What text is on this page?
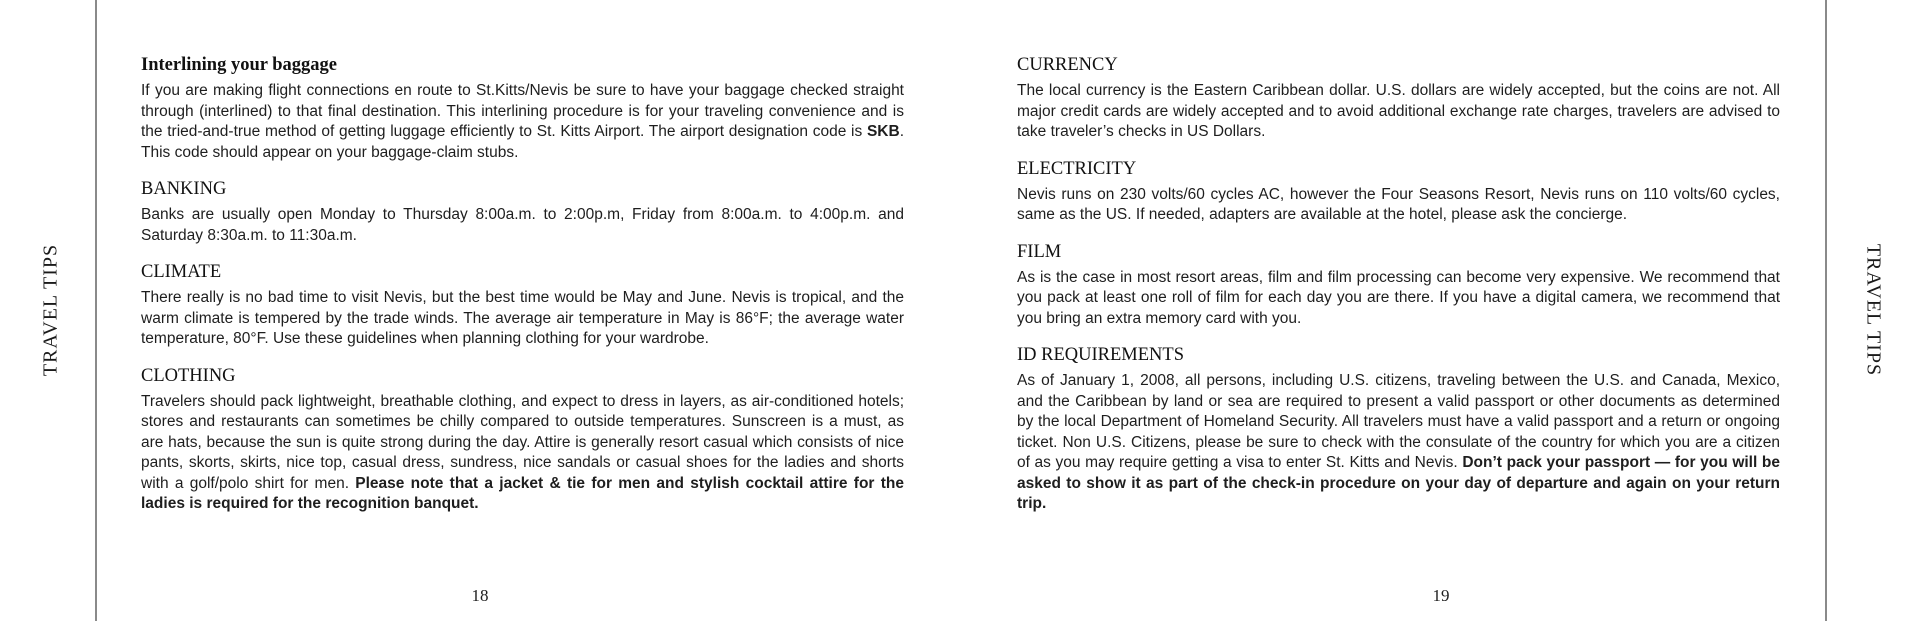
TRAVEL TIPS	TRAVEL TIPS
Interlining your baggage

If you are making flight connections en route to St.Kitts/Nevis be sure to have your baggage checked straight through (interlined) to that final destination. This interlining procedure is for your traveling convenience and is the tried-and-true method of getting luggage efficiently to St. Kitts Airport. The airport designation code is SKB. This code should appear on your baggage-claim stubs.

BANKING

Banks are usually open Monday to Thursday 8:00a.m. to 2:00p.m, Friday from 8:00a.m. to 4:00p.m. and Saturday 8:30a.m. to 11:30a.m.

CLIMATE

There really is no bad time to visit Nevis, but the best time would be May and June. Nevis is tropical, and the warm climate is tempered by the trade winds. The average air temperature in May is 86°F; the average water temperature, 80°F. Use these guidelines when planning clothing for your wardrobe.

CLOTHING

Travelers should pack lightweight, breathable clothing, and expect to dress in layers, as air-conditioned hotels; stores and restaurants can sometimes be chilly compared to outside temperatures. Sunscreen is a must, as are hats, because the sun is quite strong during the day. Attire is generally resort casual which consists of nice pants, skorts, skirts, nice top, casual dress, sundress, nice sandals or casual shoes for the ladies and shorts with a golf/polo shirt for men. Please note that a jacket & tie for men and stylish cocktail attire for the ladies is required for the recognition banquet.

CURRENCY

The local currency is the Eastern Caribbean dollar. U.S. dollars are widely accepted, but the coins are not. All major credit cards are widely accepted and to avoid additional exchange rate charges, travelers are advised to take traveler’s checks in US Dollars.

ELECTRICITY

Nevis runs on 230 volts/60 cycles AC, however the Four Seasons Resort, Nevis runs on 110 volts/60 cycles, same as the US. If needed, adapters are available at the hotel, please ask the concierge.

FILM

As is the case in most resort areas, film and film processing can become very expensive. We recommend that you pack at least one roll of film for each day you are there. If you have a digital camera, we recommend that you bring an extra memory card with you.

ID REQUIREMENTS

As of January 1, 2008, all persons, including U.S. citizens, traveling between the U.S. and Canada, Mexico, and the Caribbean by land or sea are required to present a valid passport or other documents as determined by the local Department of Homeland Security. All travelers must have a valid passport and a return or ongoing ticket. Non U.S. Citizens, please be sure to check with the consulate of the country for which you are a citizen of as you may require getting a visa to enter St. Kitts and Nevis. Don’t pack your passport — for you will be asked to show it as part of the check-in procedure on your day of departure and again on your return trip.

18	19
